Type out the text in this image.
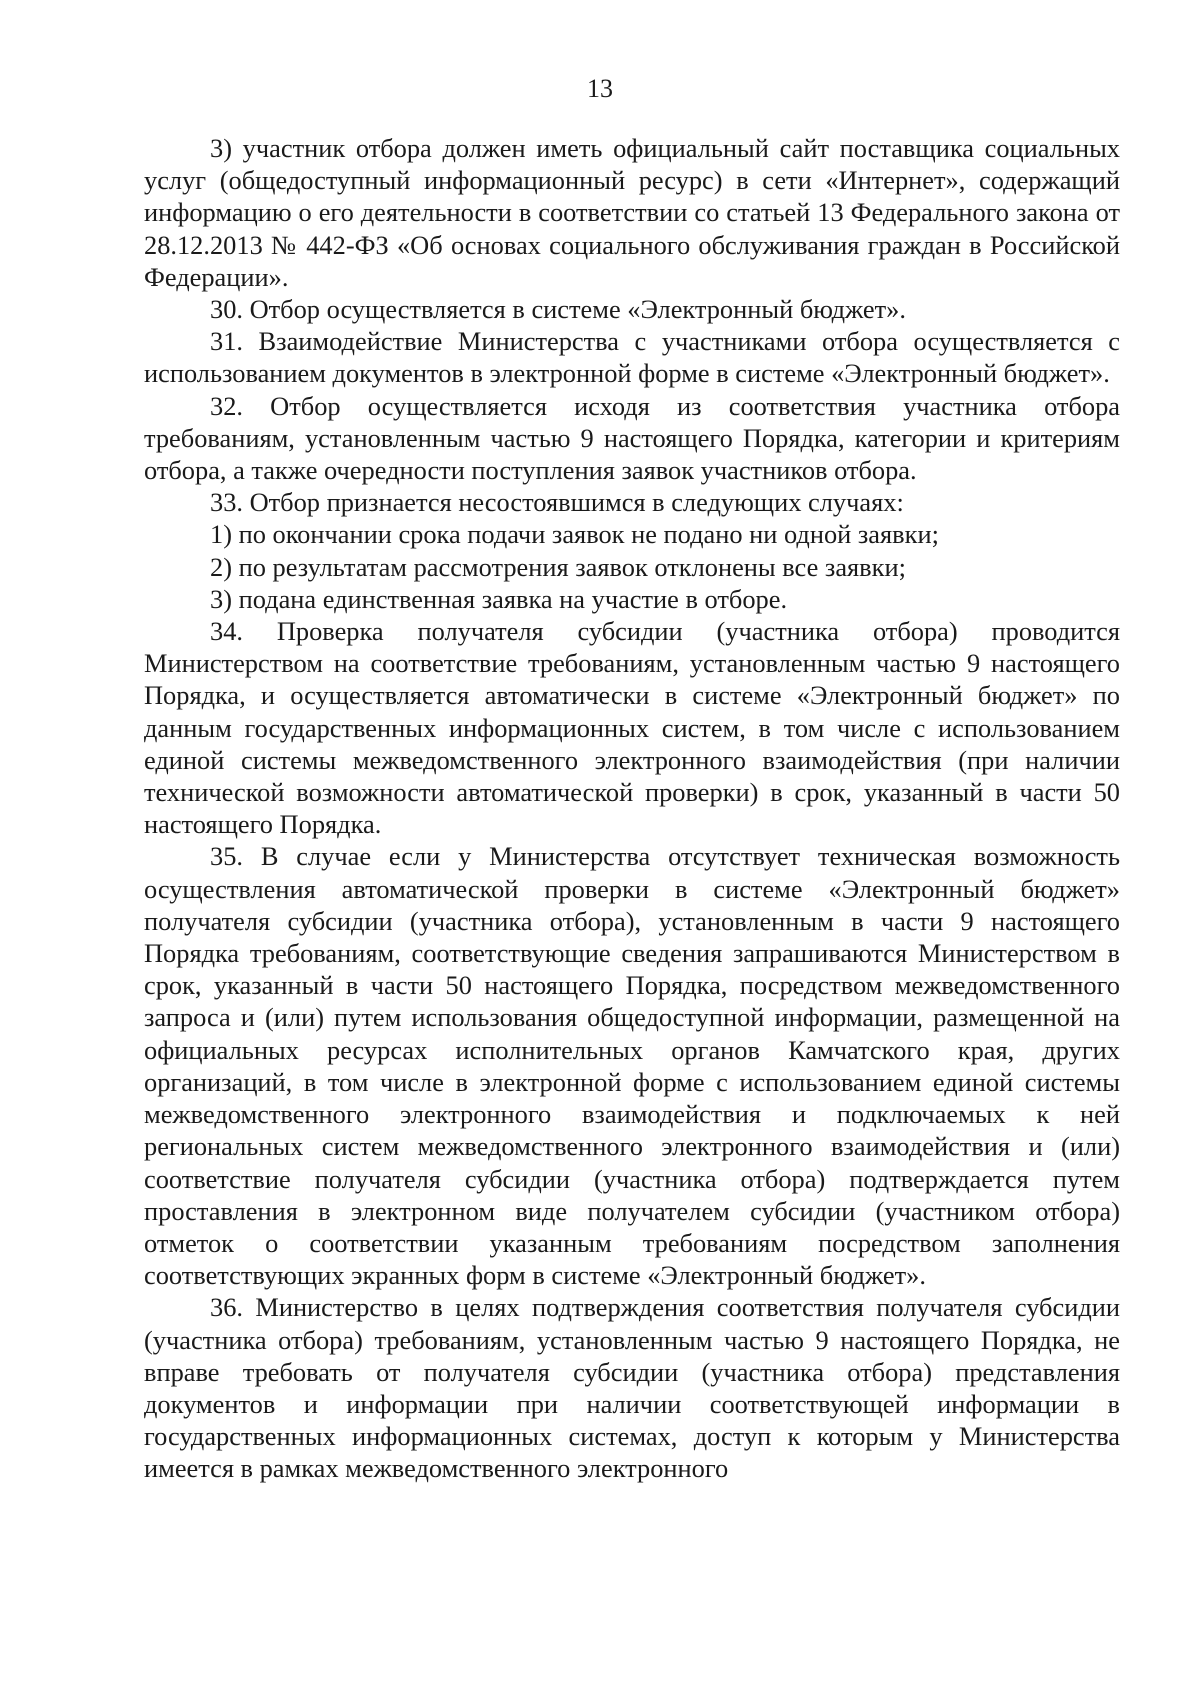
13

3) участник отбора должен иметь официальный сайт поставщика социальных услуг (общедоступный информационный ресурс) в сети «Интернет», содержащий информацию о его деятельности в соответствии со статьей 13 Федерального закона от 28.12.2013 № 442-ФЗ «Об основах социального обслуживания граждан в Российской Федерации».

30. Отбор осуществляется в системе «Электронный бюджет».

31. Взаимодействие Министерства с участниками отбора осуществляется с использованием документов в электронной форме в системе «Электронный бюджет».

32. Отбор осуществляется исходя из соответствия участника отбора требованиям, установленным частью 9 настоящего Порядка, категории и критериям отбора, а также очередности поступления заявок участников отбора.

33. Отбор признается несостоявшимся в следующих случаях:

1) по окончании срока подачи заявок не подано ни одной заявки;

2) по результатам рассмотрения заявок отклонены все заявки;

3) подана единственная заявка на участие в отборе.

34. Проверка получателя субсидии (участника отбора) проводится Министерством на соответствие требованиям, установленным частью 9 настоящего Порядка, и осуществляется автоматически в системе «Электронный бюджет» по данным государственных информационных систем, в том числе с использованием единой системы межведомственного электронного взаимодействия (при наличии технической возможности автоматической проверки) в срок, указанный в части 50 настоящего Порядка.

35. В случае если у Министерства отсутствует техническая возможность осуществления автоматической проверки в системе «Электронный бюджет» получателя субсидии (участника отбора), установленным в части 9 настоящего Порядка требованиям, соответствующие сведения запрашиваются Министерством в срок, указанный в части 50 настоящего Порядка, посредством межведомственного запроса и (или) путем использования общедоступной информации, размещенной на официальных ресурсах исполнительных органов Камчатского края, других организаций, в том числе в электронной форме с использованием единой системы межведомственного электронного взаимодействия и подключаемых к ней региональных систем межведомственного электронного взаимодействия и (или) соответствие получателя субсидии (участника отбора) подтверждается путем проставления в электронном виде получателем субсидии (участником отбора) отметок о соответствии указанным требованиям посредством заполнения соответствующих экранных форм в системе «Электронный бюджет».

36. Министерство в целях подтверждения соответствия получателя субсидии (участника отбора) требованиям, установленным частью 9 настоящего Порядка, не вправе требовать от получателя субсидии (участника отбора) представления документов и информации при наличии соответствующей информации в государственных информационных системах, доступ к которым у Министерства имеется в рамках межведомственного электронного
